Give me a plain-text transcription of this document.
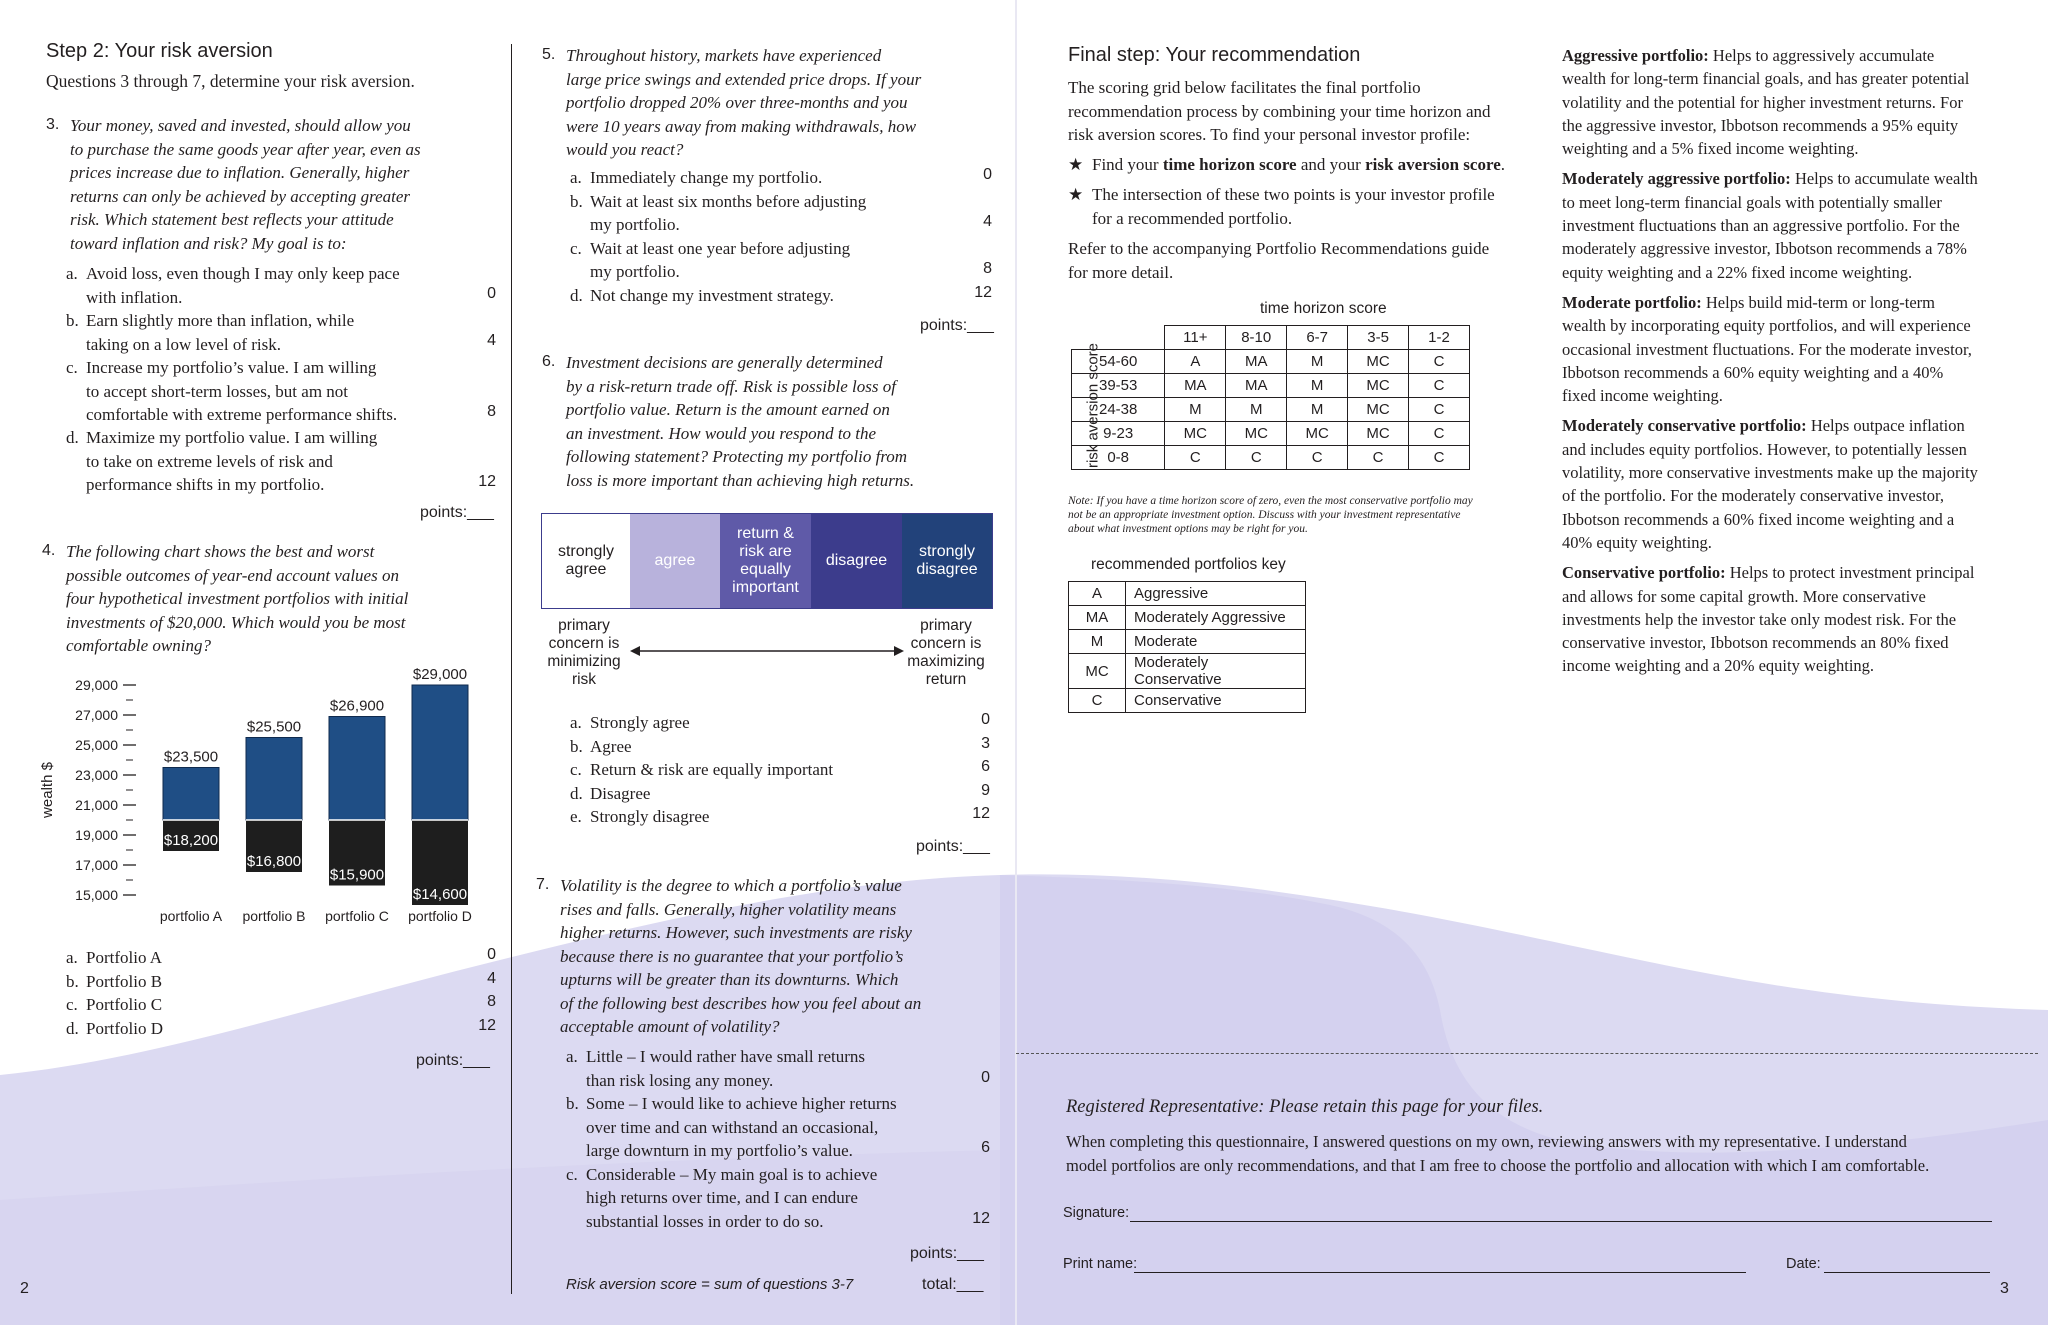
Step 2: Your risk aversion
Questions 3 through 7, determine your risk aversion.
3. Your money, saved and invested, should allow you
to purchase the same goods year after year, even as
prices increase due to inflation. Generally, higher
returns can only be achieved by accepting greater
risk. Which statement best reflects your attitude
toward inflation and risk? My goal is to:
a. Avoid loss, even though I may only keep pace
with inflation.	0
b. Earn slightly more than inflation, while
taking on a low level of risk.	4
c. Increase my portfolio’s value. I am willing
to accept short-term losses, but am not
comfortable with extreme performance shifts.	8
d. Maximize my portfolio value. I am willing
to take on extreme levels of risk and
performance shifts in my portfolio.	12
points:___
4. The following chart shows the best and worst
possible outcomes of year-end account values on
four hypothetical investment portfolios with initial
investments of $20,000. Which would you be most
comfortable owning?
wealth $
29,000
27,000
25,000
23,000
21,000
19,000
17,000
15,000
$23,500
$18,200
portfolio A
$25,500
$16,800
portfolio B
$26,900
$15,900
portfolio C
$29,000
$14,600
portfolio D
a. Portfolio A	0
b. Portfolio B	4
c. Portfolio C	8
d. Portfolio D	12
points:___
2
5. Throughout history, markets have experienced
large price swings and extended price drops. If your
portfolio dropped 20% over three-months and you
were 10 years away from making withdrawals, how
would you react?
a. Immediately change my portfolio.	0
b. Wait at least six months before adjusting
my portfolio.	4
c. Wait at least one year before adjusting
my portfolio.	8
d. Not change my investment strategy.	12
points:___
6. Investment decisions are generally determined
by a risk-return trade off. Risk is possible loss of
portfolio value. Return is the amount earned on
an investment. How would you respond to the
following statement? Protecting my portfolio from
loss is more important than achieving high returns.
strongly
agree
agree
return &
risk are
equally
important
disagree
strongly
disagree
primary
concern is
minimizing
risk
primary
concern is
maximizing
return
a. Strongly agree	0
b. Agree	3
c. Return & risk are equally important	6
d. Disagree	9
e. Strongly disagree	12
points:___
7. Volatility is the degree to which a portfolio’s value
rises and falls. Generally, higher volatility means
higher returns. However, such investments are risky
because there is no guarantee that your portfolio’s
upturns will be greater than its downturns. Which
of the following best describes how you feel about an
acceptable amount of volatility?
a. Little – I would rather have small returns
than risk losing any money.	0
b. Some – I would like to achieve higher returns
over time and can withstand an occasional,
large downturn in my portfolio’s value.	6
c. Considerable – My main goal is to achieve
high returns over time, and I can endure
substantial losses in order to do so.	12
points:___
Risk aversion score = sum of questions 3-7	total:___
Final step: Your recommendation
The scoring grid below facilitates the final portfolio
recommendation process by combining your time horizon and
risk aversion scores. To find your personal investor profile:
★ Find your time horizon score and your risk aversion score.
★ The intersection of these two points is your investor profile
for a recommended portfolio.
Refer to the accompanying Portfolio Recommendations guide
for more detail.
time horizon score
risk aversion score
	11+	8-10	6-7	3-5	1-2
54-60	A	MA	M	MC	C
39-53	MA	MA	M	MC	C
24-38	M	M	M	MC	C
9-23	MC	MC	MC	MC	C
0-8	C	C	C	C	C
Note: If you have a time horizon score of zero, even the most conservative portfolio may
not be an appropriate investment option. Discuss with your investment representative
about what investment options may be right for you.
recommended portfolios key
A	Aggressive
MA	Moderately Aggressive
M	Moderate
MC	Moderately Conservative
C	Conservative

Aggressive portfolio: Helps to aggressively accumulate
wealth for long-term financial goals, and has greater potential
volatility and the potential for higher investment returns. For
the aggressive investor, Ibbotson recommends a 95% equity
weighting and a 5% fixed income weighting.

Moderately aggressive portfolio: Helps to accumulate wealth
to meet long-term financial goals with potentially smaller
investment fluctuations than an aggressive portfolio. For the
moderately aggressive investor, Ibbotson recommends a 78%
equity weighting and a 22% fixed income weighting.

Moderate portfolio: Helps build mid-term or long-term
wealth by incorporating equity portfolios, and will experience
occasional investment fluctuations. For the moderate investor,
Ibbotson recommends a 60% equity weighting and a 40%
fixed income weighting.

Moderately conservative portfolio: Helps outpace inflation
and includes equity portfolios. However, to potentially lessen
volatility, more conservative investments make up the majority
of the portfolio. For the moderately conservative investor,
Ibbotson recommends a 60% fixed income weighting and a
40% equity weighting.

Conservative portfolio: Helps to protect investment principal
and allows for some capital growth. More conservative
investments help the investor take only modest risk. For the
conservative investor, Ibbotson recommends an 80% fixed
income weighting and a 20% equity weighting.

Registered Representative: Please retain this page for your files.
When completing this questionnaire, I answered questions on my own, reviewing answers with my representative. I understand
model portfolios are only recommendations, and that I am free to choose the portfolio and allocation with which I am comfortable.
Signature:
Print name:	Date:
3
